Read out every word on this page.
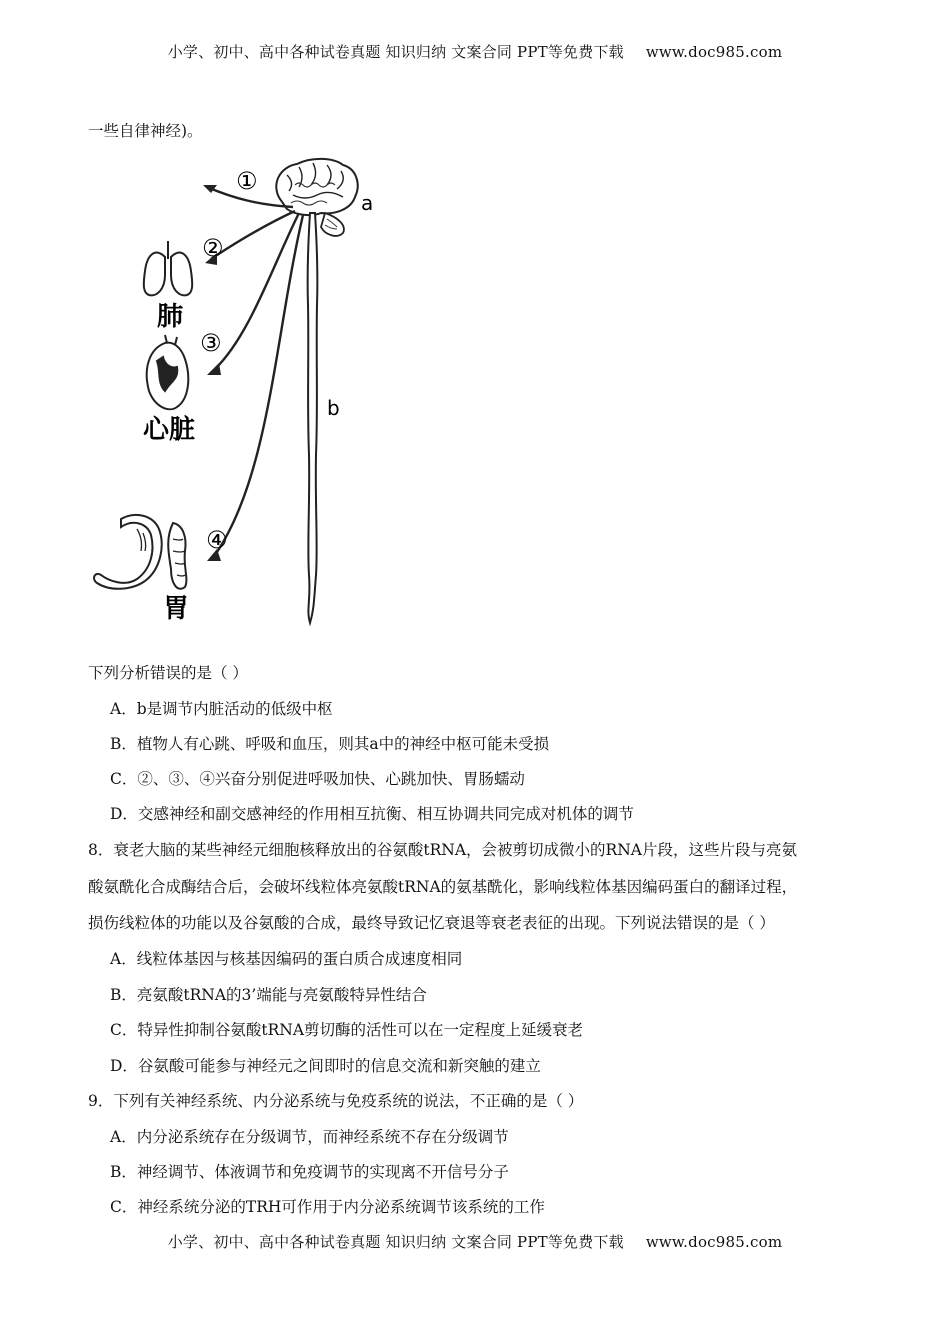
小学、初中、高中各种试卷真题 知识归纳 文案合同 PPT等免费下载 www.doc985.com
一些自律神经)。
①
②
③
④
a
b
肺
心脏
胃
下列分析错误的是（ ）
A．b是调节内脏活动的低级中枢
B．植物人有心跳、呼吸和血压，则其a中的神经中枢可能未受损
C．②、③、④兴奋分别促进呼吸加快、心跳加快、胃肠蠕动
D．交感神经和副交感神经的作用相互抗衡、相互协调共同完成对机体的调节
8．衰老大脑的某些神经元细胞核释放出的谷氨酸tRNA，会被剪切成微小的RNA片段，这些片段与亮氨
酸氨酰化合成酶结合后，会破坏线粒体亮氨酸tRNA的氨基酰化，影响线粒体基因编码蛋白的翻译过程，
损伤线粒体的功能以及谷氨酸的合成，最终导致记忆衰退等衰老表征的出现。下列说法错误的是（ ）
A．线粒体基因与核基因编码的蛋白质合成速度相同
B．亮氨酸tRNA的3’端能与亮氨酸特异性结合
C．特异性抑制谷氨酸tRNA剪切酶的活性可以在一定程度上延缓衰老
D．谷氨酸可能参与神经元之间即时的信息交流和新突触的建立
9．下列有关神经系统、内分泌系统与免疫系统的说法，不正确的是（ ）
A．内分泌系统存在分级调节，而神经系统不存在分级调节
B．神经调节、体液调节和免疫调节的实现离不开信号分子
C．神经系统分泌的TRH可作用于内分泌系统调节该系统的工作
小学、初中、高中各种试卷真题 知识归纳 文案合同 PPT等免费下载 www.doc985.com
